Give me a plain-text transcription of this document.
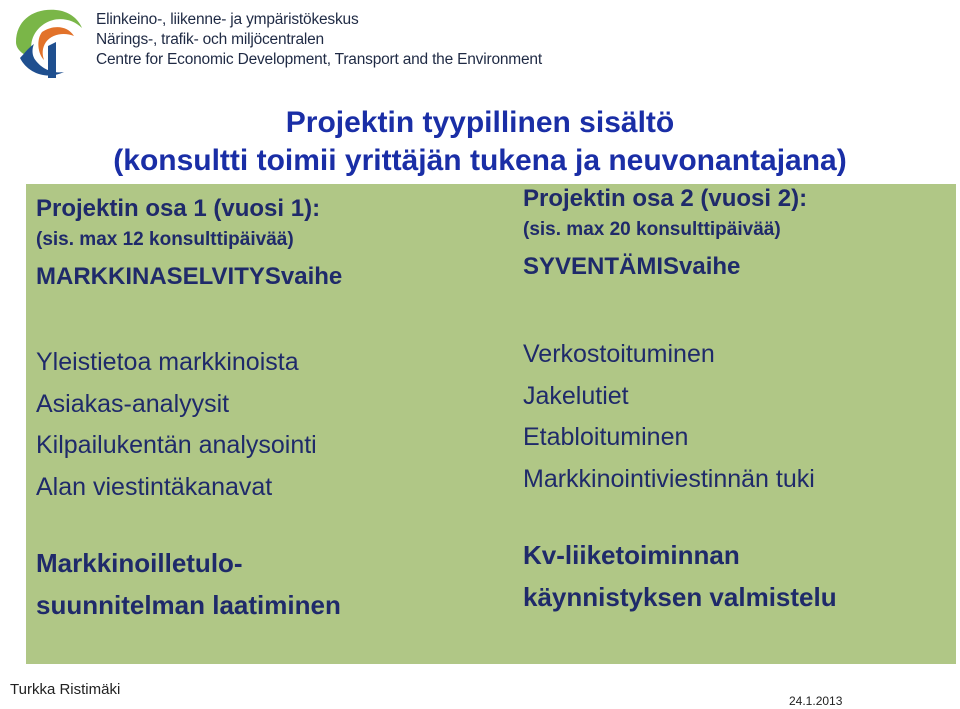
Elinkeino-, liikenne- ja ympäristökeskus
Närings-, trafik- och miljöcentralen
Centre for Economic Development, Transport and the Environment
Projektin tyypillinen sisältö
(konsultti toimii yrittäjän tukena ja neuvonantajana)
Projektin osa 1 (vuosi 1):
(sis. max 12 konsulttipäivää)
MARKKINASELVITYSvaihe
Yleistietoa markkinoista
Asiakas-analyysit
Kilpailukentän analysointi
Alan viestintäkanavat
Markkinoilletulo-
suunnitelman laatiminen
Projektin osa 2 (vuosi 2):
(sis. max 20 konsulttipäivää)
SYVENTÄMISvaihe
Verkostoituminen
Jakelutiet
Etabloituminen
Markkinointiviestinnän tuki
Kv-liiketoiminnan
käynnistyksen valmistelu
Turkka Ristimäki
24.1.2013
